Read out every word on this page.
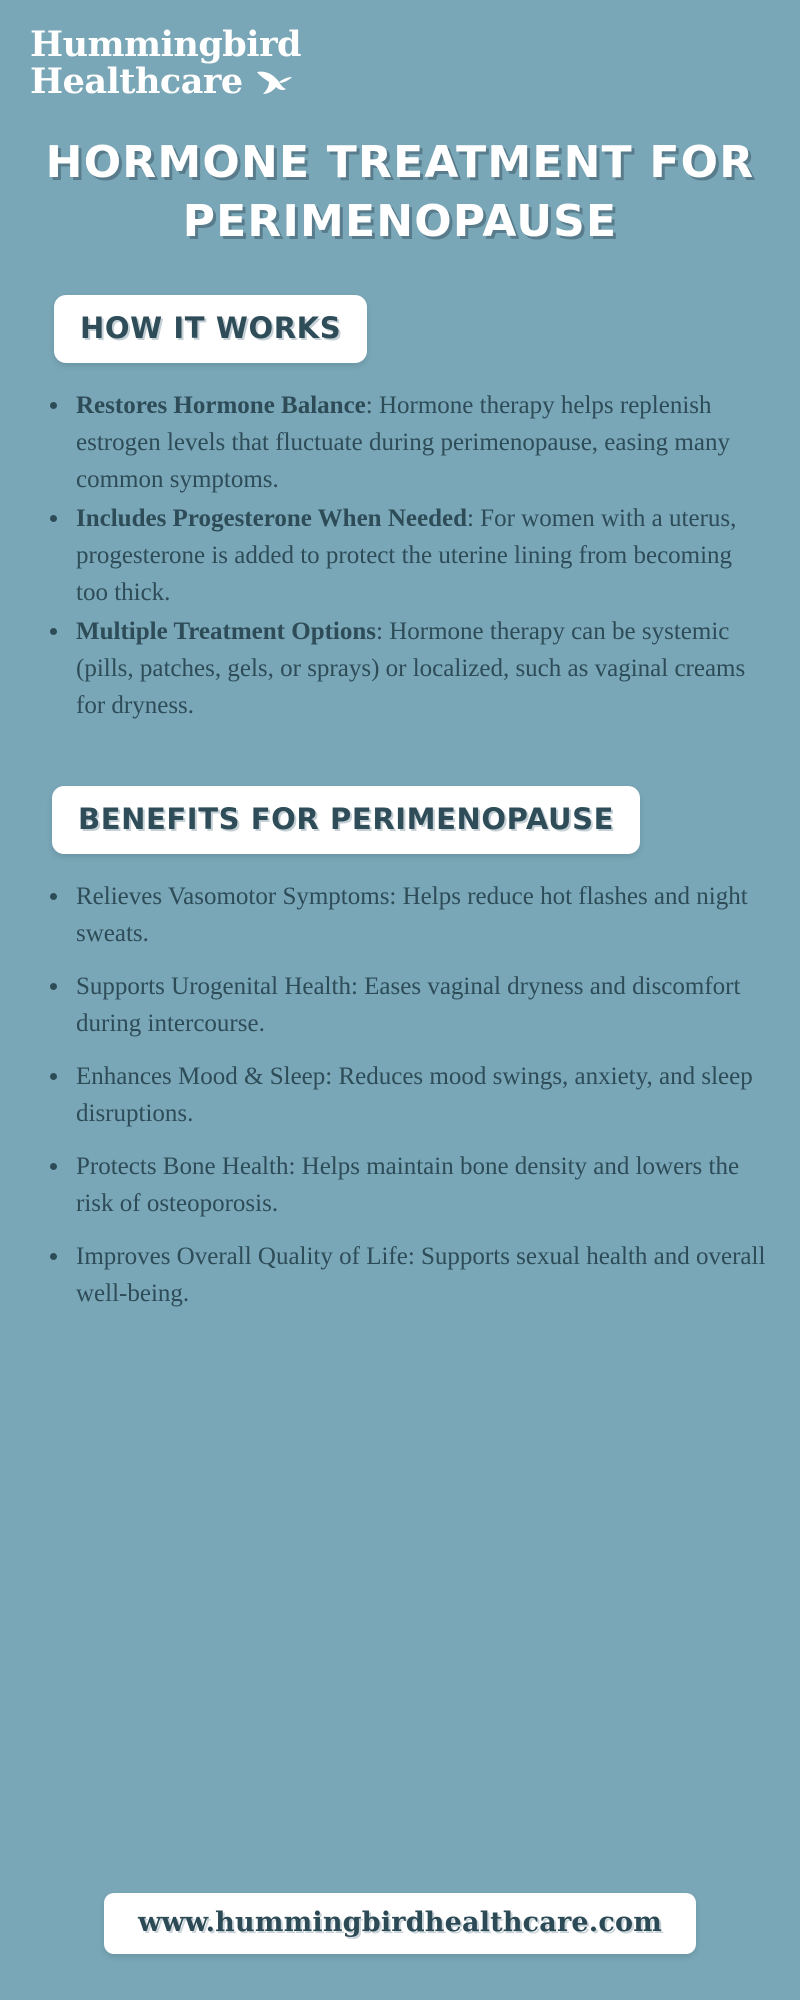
Hummingbird
Healthcare
HORMONE TREATMENT FOR PERIMENOPAUSE
HOW IT WORKS
Restores Hormone Balance: Hormone therapy helps replenish estrogen levels that fluctuate during perimenopause, easing many common symptoms.
Includes Progesterone When Needed: For women with a uterus, progesterone is added to protect the uterine lining from becoming too thick.
Multiple Treatment Options: Hormone therapy can be systemic (pills, patches, gels, or sprays) or localized, such as vaginal creams for dryness.
BENEFITS FOR PERIMENOPAUSE
Relieves Vasomotor Symptoms: Helps reduce hot flashes and night sweats.
Supports Urogenital Health: Eases vaginal dryness and discomfort during intercourse.
Enhances Mood & Sleep: Reduces mood swings, anxiety, and sleep disruptions.
Protects Bone Health: Helps maintain bone density and lowers the risk of osteoporosis.
Improves Overall Quality of Life: Supports sexual health and overall well-being.
www.hummingbirdhealthcare.com
